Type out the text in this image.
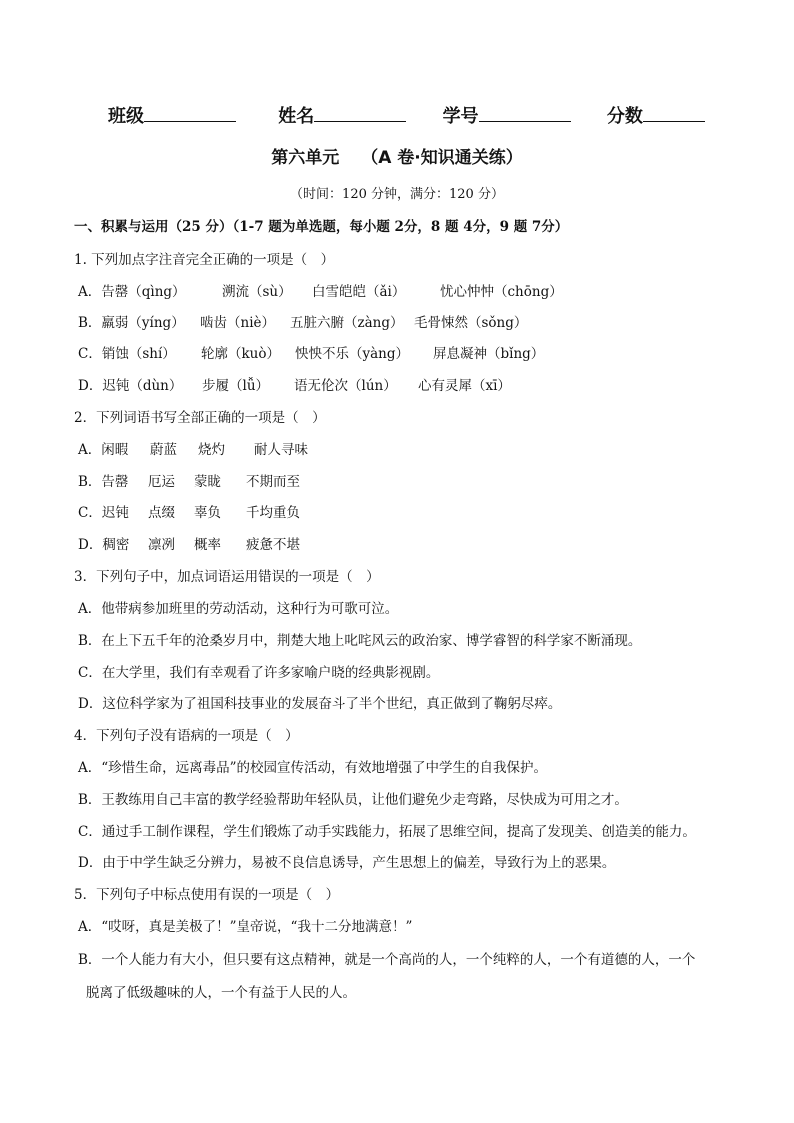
班级	姓名	学号	分数
第六单元 （A 卷·知识通关练）
（时间：120 分钟，满分：120 分）
一、积累与运用（25 分）（1-7 题为单选题，每小题 2分，8 题 4分，9 题 7分）
1. 下列加点字注音完全正确的一项是（　）
A．告罄（qìng）	溯流（sù） 白雪皑皑（ǎi）	忧心忡忡（chōng）
B．羸弱（yíng） 啮齿（niè） 五脏六腑（zàng） 毛骨悚然（sǒng）
C．销蚀（shí） 轮廓（kuò） 怏怏不乐（yàng） 屏息凝神（bǐng）
D．迟钝（dùn） 步履（lǚ） 语无伦次（lún） 心有灵犀（xī）
2．下列词语书写全部正确的一项是（　）
A．闲暇 蔚蓝 烧灼 耐人寻味
B．告罄 厄运 蒙眬 不期而至
C．迟钝 点缀 辜负 千均重负
D．稠密 凛冽 概率 疲惫不堪
3．下列句子中，加点词语运用错误的一项是（　）
A．他带病参加班里的劳动活动，这种行为可歌可泣。
B．在上下五千年的沧桑岁月中，荆楚大地上叱咤风云的政治家、博学睿智的科学家不断涌现。
C．在大学里，我们有幸观看了许多家喻户晓的经典影视剧。
D．这位科学家为了祖国科技事业的发展奋斗了半个世纪，真正做到了鞠躬尽瘁。
4．下列句子没有语病的一项是（　）
A．“珍惜生命，远离毒品”的校园宣传活动，有效地增强了中学生的自我保护。
B．王教练用自己丰富的教学经验帮助年轻队员，让他们避免少走弯路，尽快成为可用之才。
C．通过手工制作课程，学生们锻炼了动手实践能力，拓展了思维空间，提高了发现美、创造美的能力。
D．由于中学生缺乏分辨力，易被不良信息诱导，产生思想上的偏差，导致行为上的恶果。
5．下列句子中标点使用有误的一项是（　）
A．“哎呀，真是美极了！”皇帝说，“我十二分地满意！”
B．一个人能力有大小，但只要有这点精神，就是一个高尚的人，一个纯粹的人，一个有道德的人，一个
脱离了低级趣味的人，一个有益于人民的人。
